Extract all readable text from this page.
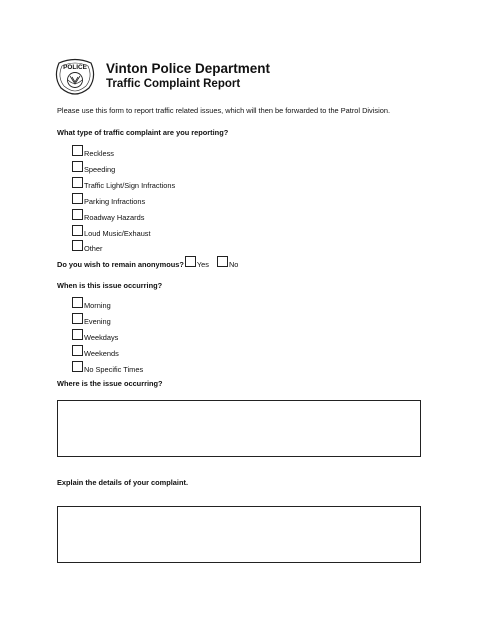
POLICE Vinton Police Department
Traffic Complaint Report
Please use this form to report traffic related issues, which will then be forwarded to the Patrol Division.
What type of traffic complaint are you reporting?
Reckless
Speeding
Traffic Light/Sign Infractions
Parking Infractions
Roadway Hazards
Loud Music/Exhaust
Other
Do you wish to remain anonymous? Yes	No
When is this issue occurring?
Morning
Evening
Weekdays
Weekends
No Specific Times
Where is the issue occurring?
Explain the details of your complaint.
